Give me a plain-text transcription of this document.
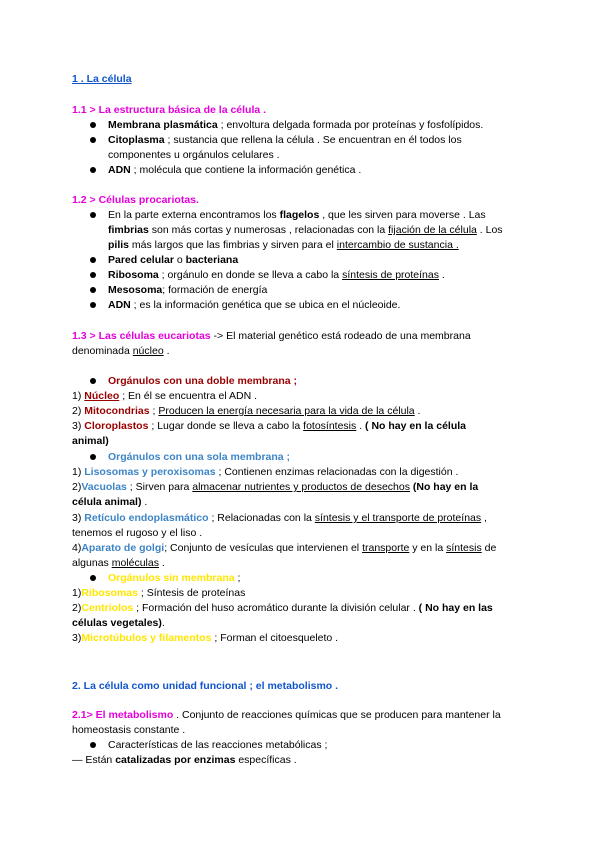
1 . La célula
1.1 > La estructura básica de la célula .
Membrana plasmática ; envoltura delgada formada por proteínas y fosfolípidos.
Citoplasma ; sustancia que rellena la célula . Se encuentran en él todos los
componentes u orgánulos celulares .
ADN ; molécula que contiene la información genética .
1.2 > Células procariotas.
En la parte externa encontramos los flagelos , que les sirven para moverse . Las
fimbrias son más cortas y numerosas , relacionadas con la fijación de la célula . Los
pilis más largos que las fimbrias y sirven para el intercambio de sustancia .
Pared celular o bacteriana
Ribosoma ; orgánulo en donde se lleva a cabo la síntesis de proteínas .
Mesosoma; formación de energía
ADN ; es la información genética que se ubica en el núcleoide.
1.3 > Las células eucariotas -> El material genético está rodeado de una membrana
denominada núcleo .
Orgánulos con una doble membrana ;
1) Núcleo ; En él se encuentra el ADN .
2) Mitocondrias ; Producen la energía necesaria para la vida de la célula .
3) Cloroplastos ; Lugar donde se lleva a cabo la fotosíntesis . ( No hay en la célula
animal)
Orgánulos con una sola membrana ;
1) Lisosomas y peroxisomas ; Contienen enzimas relacionadas con la digestión .
2)Vacuolas ; Sirven para almacenar nutrientes y productos de desechos (No hay en la
célula animal) .
3) Retículo endoplasmático ; Relacionadas con la síntesis y el transporte de proteínas ,
tenemos el rugoso y el liso .
4)Aparato de golgi; Conjunto de vesículas que intervienen el transporte y en la síntesis de
algunas moléculas .
Orgánulos sin membrana ;
1)Ribosomas ; Síntesis de proteínas
2)Centriolos ; Formación del huso acromático durante la división celular . ( No hay en las
células vegetales).
3)Microtúbulos y filamentos ; Forman el citoesqueleto .
2. La célula como unidad funcional ; el metabolismo .
2.1> El metabolismo . Conjunto de reacciones químicas que se producen para mantener la
homeostasis constante .
Características de las reacciones metabólicas ;
— Están catalizadas por enzimas específicas .
